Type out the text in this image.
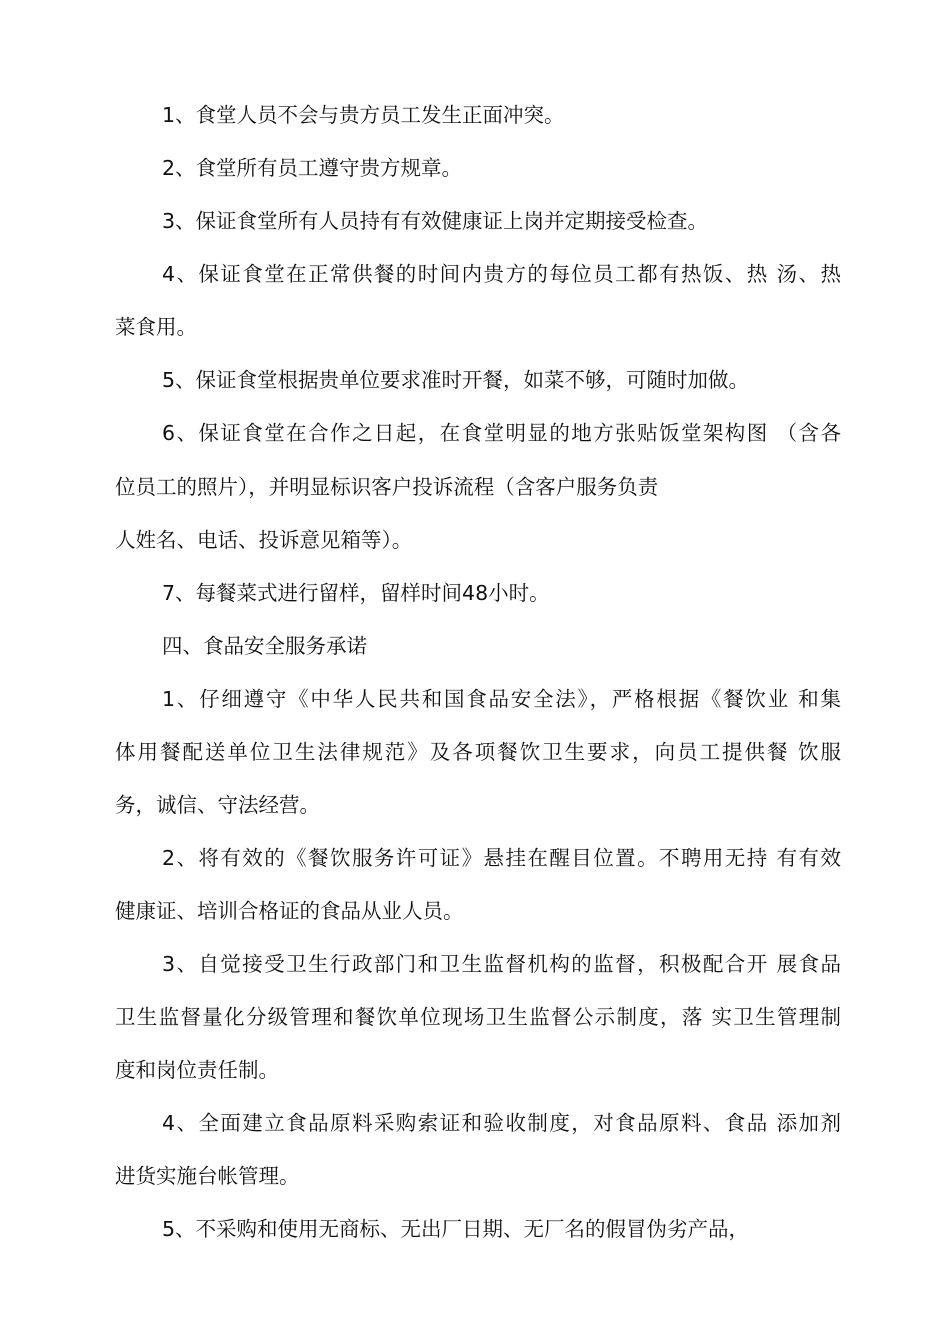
1、食堂人员不会与贵方员工发生正面冲突。
2、食堂所有员工遵守贵方规章。
3、保证食堂所有人员持有有效健康证上岗并定期接受检查。
4、保证食堂在正常供餐的时间内贵方的每位员工都有热饭、热 汤、热
菜食用。
5、保证食堂根据贵单位要求准时开餐，如菜不够，可随时加做。
6、保证食堂在合作之日起，在食堂明显的地方张贴饭堂架构图 （含各
位员工的照片），并明显标识客户投诉流程（含客户服务负责
人姓名、电话、投诉意见箱等）。
7、每餐菜式进行留样，留样时间48小时。
四、食品安全服务承诺
1、仔细遵守《中华人民共和国食品安全法》，严格根据《餐饮业 和集
体用餐配送单位卫生法律规范》及各项餐饮卫生要求，向员工提供餐 饮服
务，诚信、守法经营。
2、将有效的《餐饮服务许可证》悬挂在醒目位置。不聘用无持 有有效
健康证、培训合格证的食品从业人员。
3、自觉接受卫生行政部门和卫生监督机构的监督，积极配合开 展食品
卫生监督量化分级管理和餐饮单位现场卫生监督公示制度，落 实卫生管理制
度和岗位责任制。
4、全面建立食品原料采购索证和验收制度，对食品原料、食品 添加剂
进货实施台帐管理。
5、不采购和使用无商标、无出厂日期、无厂名的假冒伪劣产品，
